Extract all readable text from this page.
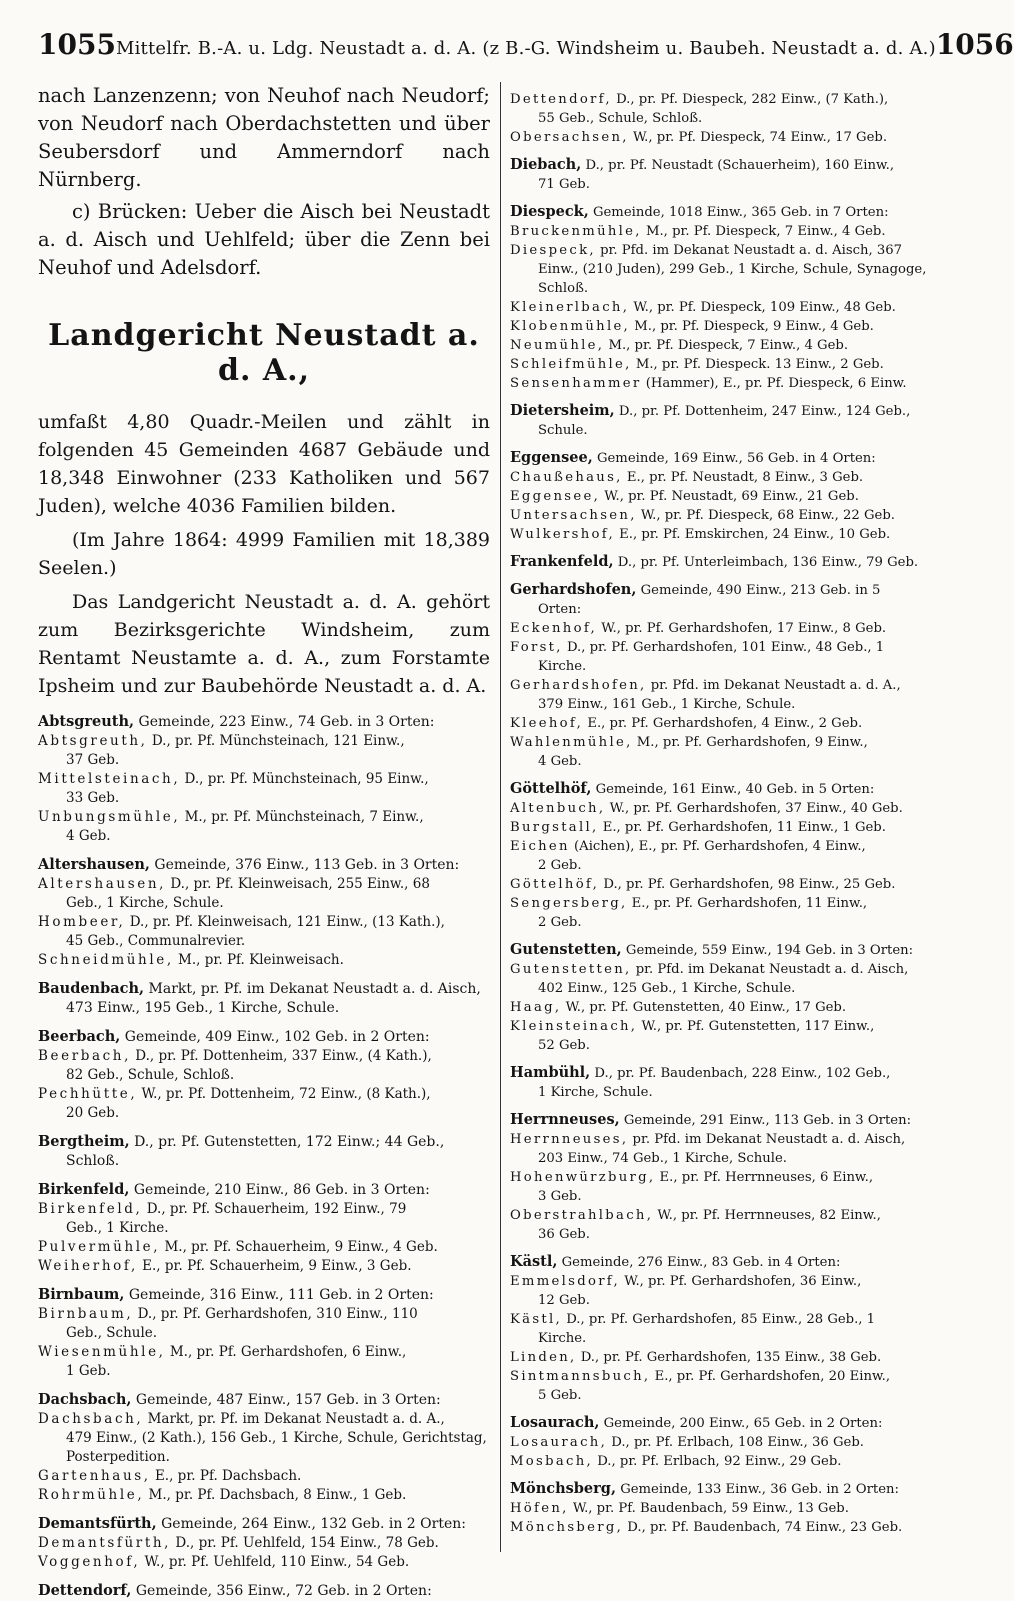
1055 Mittelfr. B.-A. u. Ldg. Neustadt a. d. A. (z B.-G. Windsheim u. Baubeh. Neustadt a. d. A.) 1056

nach Lanzenzenn; von Neuhof nach Neudorf; von Neudorf nach Oberdachstetten und über Seubersdorf und Ammerndorf nach Nürnberg.

c) Brücken: Ueber die Aisch bei Neustadt a. d. Aisch und Uehlfeld; über die Zenn bei Neuhof und Adelsdorf.

Landgericht Neustadt a. d. A.,

umfaßt 4,80 Quadr.-Meilen und zählt in folgenden 45 Gemeinden 4687 Gebäude und 18,348 Einwohner (233 Katholiken und 567 Juden), welche 4036 Familien bilden.

(Im Jahre 1864: 4999 Familien mit 18,389 Seelen.)

Das Landgericht Neustadt a. d. A. gehört zum Bezirksgerichte Windsheim, zum Rentamt Neustamte a. d. A., zum Forstamte Ipsheim und zur Baubehörde Neustadt a. d. A.

Abtsgreuth, Gemeinde, 223 Einw., 74 Geb. in 3 Orten:
Abtsgreuth, D., pr. Pf. Münchsteinach, 121 Einw.,
37 Geb.
Mittelsteinach, D., pr. Pf. Münchsteinach, 95 Einw.,
33 Geb.
Unbungsmühle, M., pr. Pf. Münchsteinach, 7 Einw.,
4 Geb.
Altershausen, Gemeinde, 376 Einw., 113 Geb. in 3 Orten:
Altershausen, D., pr. Pf. Kleinweisach, 255 Einw., 68
Geb., 1 Kirche, Schule.
Hombeer, D., pr. Pf. Kleinweisach, 121 Einw., (13 Kath.),
45 Geb., Communalrevier.
Schneidmühle, M., pr. Pf. Kleinweisach.
Baudenbach, Markt, pr. Pf. im Dekanat Neustadt a. d. Aisch,
473 Einw., 195 Geb., 1 Kirche, Schule.
Beerbach, Gemeinde, 409 Einw., 102 Geb. in 2 Orten:
Beerbach, D., pr. Pf. Dottenheim, 337 Einw., (4 Kath.),
82 Geb., Schule, Schloß.
Pechhütte, W., pr. Pf. Dottenheim, 72 Einw., (8 Kath.),
20 Geb.
Bergtheim, D., pr. Pf. Gutenstetten, 172 Einw.; 44 Geb.,
Schloß.
Birkenfeld, Gemeinde, 210 Einw., 86 Geb. in 3 Orten:
Birkenfeld, D., pr. Pf. Schauerheim, 192 Einw., 79
Geb., 1 Kirche.
Pulvermühle, M., pr. Pf. Schauerheim, 9 Einw., 4 Geb.
Weiherhof, E., pr. Pf. Schauerheim, 9 Einw., 3 Geb.
Birnbaum, Gemeinde, 316 Einw., 111 Geb. in 2 Orten:
Birnbaum, D., pr. Pf. Gerhardshofen, 310 Einw., 110
Geb., Schule.
Wiesenmühle, M., pr. Pf. Gerhardshofen, 6 Einw.,
1 Geb.
Dachsbach, Gemeinde, 487 Einw., 157 Geb. in 3 Orten:
Dachsbach, Markt, pr. Pf. im Dekanat Neustadt a. d. A.,
479 Einw., (2 Kath.), 156 Geb., 1 Kirche, Schule, Gerichtstag, Posterpedition.
Gartenhaus, E., pr. Pf. Dachsbach.
Rohrmühle, M., pr. Pf. Dachsbach, 8 Einw., 1 Geb.
Demantsfürth, Gemeinde, 264 Einw., 132 Geb. in 2 Orten:
Demantsfürth, D., pr. Pf. Uehlfeld, 154 Einw., 78 Geb.
Voggenhof, W., pr. Pf. Uehlfeld, 110 Einw., 54 Geb.
Dettendorf, Gemeinde, 356 Einw., 72 Geb. in 2 Orten:
Dettendorf, D., pr. Pf. Diespeck, 282 Einw., (7 Kath.),
55 Geb., Schule, Schloß.
Obersachsen, W., pr. Pf. Diespeck, 74 Einw., 17 Geb.
Diebach, D., pr. Pf. Neustadt (Schauerheim), 160 Einw.,
71 Geb.
Diespeck, Gemeinde, 1018 Einw., 365 Geb. in 7 Orten:
Bruckenmühle, M., pr. Pf. Diespeck, 7 Einw., 4 Geb.
Diespeck, pr. Pfd. im Dekanat Neustadt a. d. Aisch, 367
Einw., (210 Juden), 299 Geb., 1 Kirche, Schule, Synagoge, Schloß.
Kleinerlbach, W., pr. Pf. Diespeck, 109 Einw., 48 Geb.
Klobenmühle, M., pr. Pf. Diespeck, 9 Einw., 4 Geb.
Neumühle, M., pr. Pf. Diespeck, 7 Einw., 4 Geb.
Schleifmühle, M., pr. Pf. Diespeck. 13 Einw., 2 Geb.
Sensenhammer (Hammer), E., pr. Pf. Diespeck, 6 Einw.
Dietersheim, D., pr. Pf. Dottenheim, 247 Einw., 124 Geb.,
Schule.
Eggensee, Gemeinde, 169 Einw., 56 Geb. in 4 Orten:
Chaußehaus, E., pr. Pf. Neustadt, 8 Einw., 3 Geb.
Eggensee, W., pr. Pf. Neustadt, 69 Einw., 21 Geb.
Untersachsen, W., pr. Pf. Diespeck, 68 Einw., 22 Geb.
Wulkershof, E., pr. Pf. Emskirchen, 24 Einw., 10 Geb.
Frankenfeld, D., pr. Pf. Unterleimbach, 136 Einw., 79 Geb.
Gerhardshofen, Gemeinde, 490 Einw., 213 Geb. in 5
Orten:
Eckenhof, W., pr. Pf. Gerhardshofen, 17 Einw., 8 Geb.
Forst, D., pr. Pf. Gerhardshofen, 101 Einw., 48 Geb., 1
Kirche.
Gerhardshofen, pr. Pfd. im Dekanat Neustadt a. d. A.,
379 Einw., 161 Geb., 1 Kirche, Schule.
Kleehof, E., pr. Pf. Gerhardshofen, 4 Einw., 2 Geb.
Wahlenmühle, M., pr. Pf. Gerhardshofen, 9 Einw.,
4 Geb.
Göttelhöf, Gemeinde, 161 Einw., 40 Geb. in 5 Orten:
Altenbuch, W., pr. Pf. Gerhardshofen, 37 Einw., 40 Geb.
Burgstall, E., pr. Pf. Gerhardshofen, 11 Einw., 1 Geb.
Eichen (Aichen), E., pr. Pf. Gerhardshofen, 4 Einw.,
2 Geb.
Göttelhöf, D., pr. Pf. Gerhardshofen, 98 Einw., 25 Geb.
Sengersberg, E., pr. Pf. Gerhardshofen, 11 Einw.,
2 Geb.
Gutenstetten, Gemeinde, 559 Einw., 194 Geb. in 3 Orten:
Gutenstetten, pr. Pfd. im Dekanat Neustadt a. d. Aisch,
402 Einw., 125 Geb., 1 Kirche, Schule.
Haag, W., pr. Pf. Gutenstetten, 40 Einw., 17 Geb.
Kleinsteinach, W., pr. Pf. Gutenstetten, 117 Einw.,
52 Geb.
Hambühl, D., pr. Pf. Baudenbach, 228 Einw., 102 Geb.,
1 Kirche, Schule.
Herrnneuses, Gemeinde, 291 Einw., 113 Geb. in 3 Orten:
Herrnneuses, pr. Pfd. im Dekanat Neustadt a. d. Aisch,
203 Einw., 74 Geb., 1 Kirche, Schule.
Hohenwürzburg, E., pr. Pf. Herrnneuses, 6 Einw.,
3 Geb.
Oberstrahlbach, W., pr. Pf. Herrnneuses, 82 Einw.,
36 Geb.
Kästl, Gemeinde, 276 Einw., 83 Geb. in 4 Orten:
Emmelsdorf, W., pr. Pf. Gerhardshofen, 36 Einw.,
12 Geb.
Kästl, D., pr. Pf. Gerhardshofen, 85 Einw., 28 Geb., 1
Kirche.
Linden, D., pr. Pf. Gerhardshofen, 135 Einw., 38 Geb.
Sintmannsbuch, E., pr. Pf. Gerhardshofen, 20 Einw.,
5 Geb.
Losaurach, Gemeinde, 200 Einw., 65 Geb. in 2 Orten:
Losaurach, D., pr. Pf. Erlbach, 108 Einw., 36 Geb.
Mosbach, D., pr. Pf. Erlbach, 92 Einw., 29 Geb.
Mönchsberg, Gemeinde, 133 Einw., 36 Geb. in 2 Orten:
Höfen, W., pr. Pf. Baudenbach, 59 Einw., 13 Geb.
Mönchsberg, D., pr. Pf. Baudenbach, 74 Einw., 23 Geb.
